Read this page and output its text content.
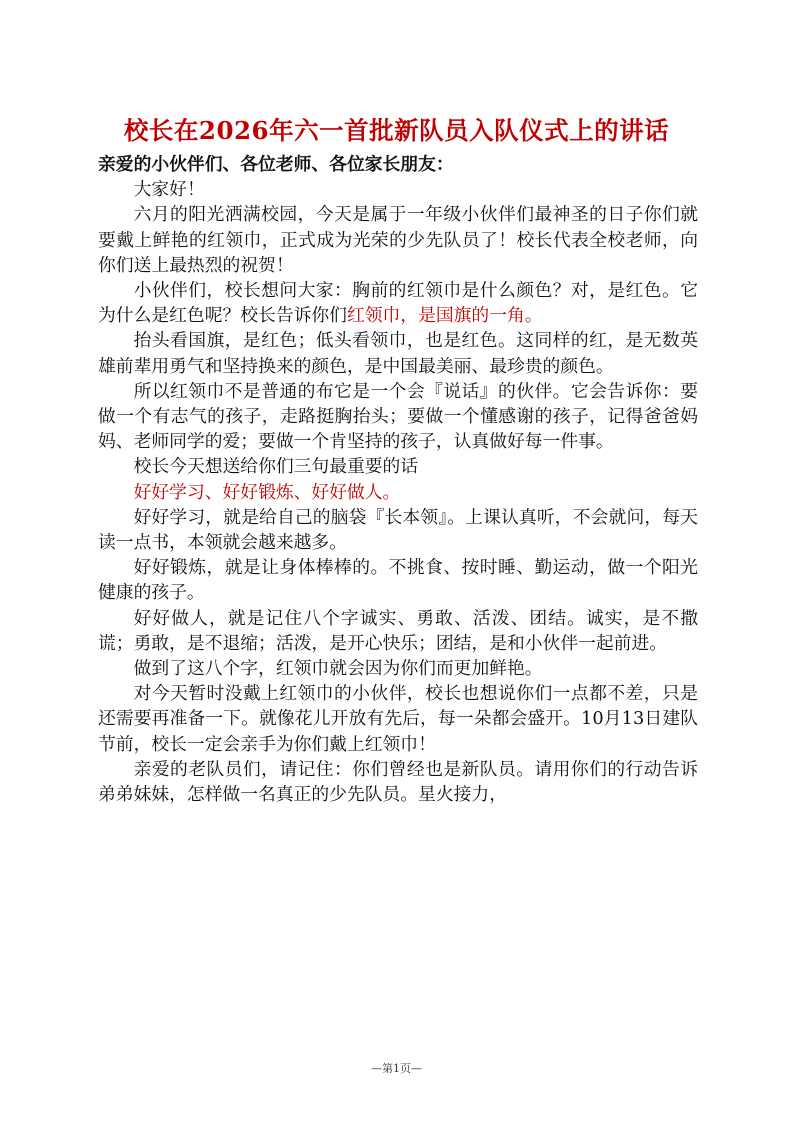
校长在2026年六一首批新队员入队仪式上的讲话

亲爱的小伙伴们、各位老师、各位家长朋友：

大家好！

六月的阳光洒满校园，今天是属于一年级小伙伴们最神圣的日子你们就要戴上鲜艳的红领巾，正式成为光荣的少先队员了！校长代表全校老师，向你们送上最热烈的祝贺！

小伙伴们，校长想问大家：胸前的红领巾是什么颜色？对，是红色。它为什么是红色呢？校长告诉你们红领巾，是国旗的一角。

抬头看国旗，是红色；低头看领巾，也是红色。这同样的红，是无数英雄前辈用勇气和坚持换来的颜色，是中国最美丽、最珍贵的颜色。

所以红领巾不是普通的布它是一个会『说话』的伙伴。它会告诉你：要做一个有志气的孩子，走路挺胸抬头；要做一个懂感谢的孩子，记得爸爸妈妈、老师同学的爱；要做一个肯坚持的孩子，认真做好每一件事。

校长今天想送给你们三句最重要的话

好好学习、好好锻炼、好好做人。

好好学习，就是给自己的脑袋『长本领』。上课认真听，不会就问，每天读一点书，本领就会越来越多。

好好锻炼，就是让身体棒棒的。不挑食、按时睡、勤运动，做一个阳光健康的孩子。

好好做人，就是记住八个字诚实、勇敢、活泼、团结。诚实，是不撒谎；勇敢，是不退缩；活泼，是开心快乐；团结，是和小伙伴一起前进。

做到了这八个字，红领巾就会因为你们而更加鲜艳。

对今天暂时没戴上红领巾的小伙伴，校长也想说你们一点都不差，只是还需要再准备一下。就像花儿开放有先后，每一朵都会盛开。10月13日建队节前，校长一定会亲手为你们戴上红领巾！

亲爱的老队员们，请记住：你们曾经也是新队员。请用你们的行动告诉弟弟妹妹，怎样做一名真正的少先队员。星火接力，

—第1页—
